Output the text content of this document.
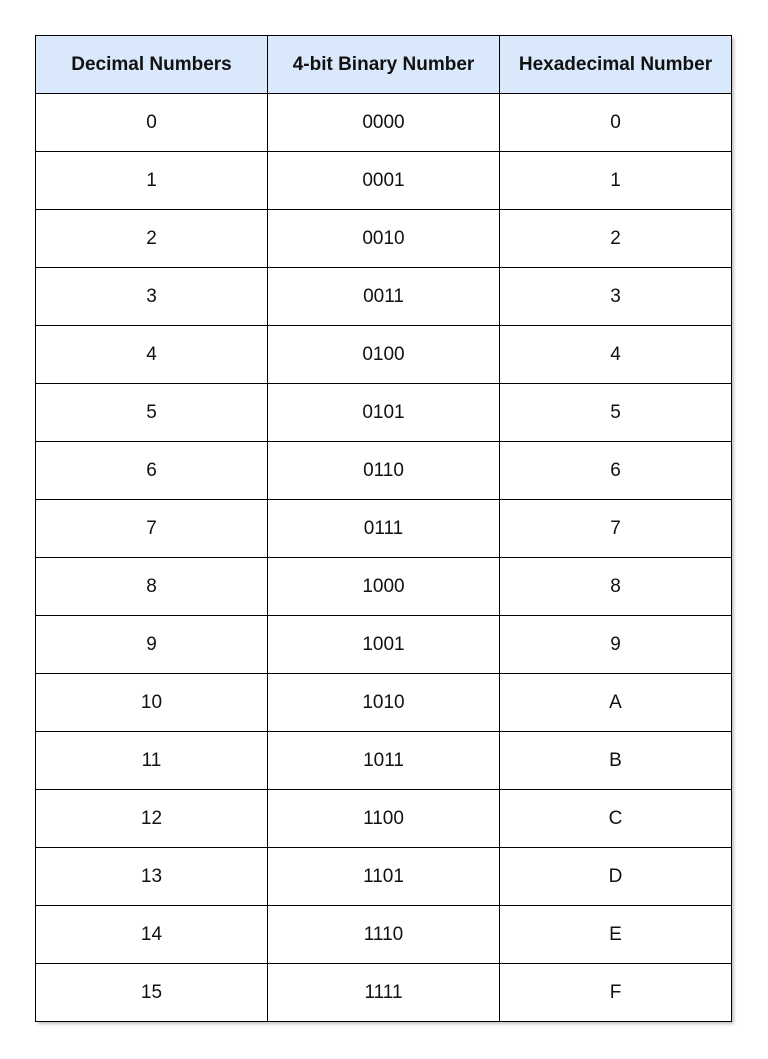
Decimal Numbers	4-bit Binary Number	Hexadecimal Number
0	0000	0
1	0001	1
2	0010	2
3	0011	3
4	0100	4
5	0101	5
6	0110	6
7	0111	7
8	1000	8
9	1001	9
10	1010	A
11	1011	B
12	1100	C
13	1101	D
14	1110	E
15	1111	F
